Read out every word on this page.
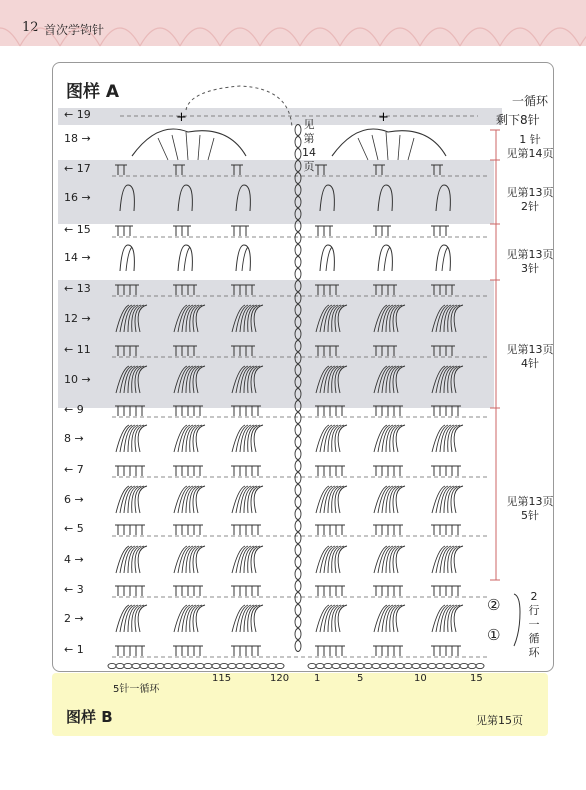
12 首次学钩针
图样 A
+	+
← 19
18 →
← 17
16 →
← 15
14 →
← 13
12 →
← 11
10 →
← 9
8 →
← 7
6 →
← 5
4 →
← 3
2 →
← 1
一循环
剩下8针
见
第
14
页
1 针
见第14页
见第13页
2针
见第13页
3针
见第13页
4针
见第13页
5针
②
①
2
行
一
循
环
5针一循环
115	120 1	5	10	15
图样 B	见第15页
